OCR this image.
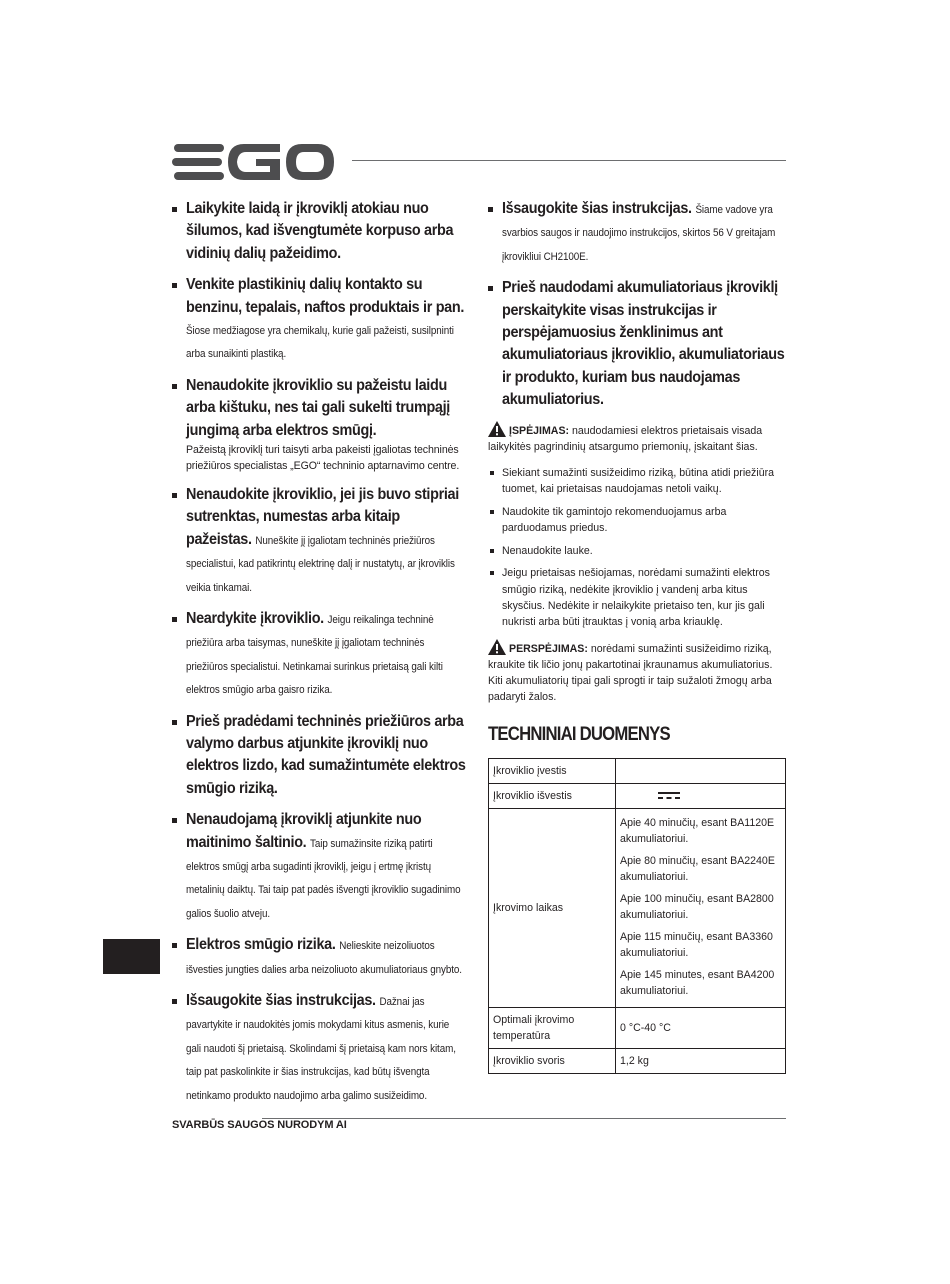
Laikykite laidą ir įkroviklį atokiau nuo šilumos, kad išvengtumėte korpuso arba vidinių dalių pažeidimo.
Venkite plastikinių dalių kontakto su benzinu, tepalais, naftos produktais ir pan. Šiose medžiagose yra chemikalų, kurie gali pažeisti, susilpninti arba sunaikinti plastiką.
Nenaudokite įkroviklio su pažeistu laidu arba kištuku, nes tai gali sukelti trumpąjį jungimą arba elektros smūgį.
Pažeistą įkroviklį turi taisyti arba pakeisti įgaliotas techninės priežiūros specialistas „EGO“ techninio aptarnavimo centre.
Nenaudokite įkroviklio, jei jis buvo stipriai sutrenktas, numestas arba kitaip pažeistas. Nuneškite jį įgaliotam techninės priežiūros specialistui, kad patikrintų elektrinę dalį ir nustatytų, ar įkroviklis veikia tinkamai.
Neardykite įkroviklio. Jeigu reikalinga techninė priežiūra arba taisymas, nuneškite jį įgaliotam techninės priežiūros specialistui. Netinkamai surinkus prietaisą gali kilti elektros smūgio arba gaisro rizika.
Prieš pradėdami techninės priežiūros arba valymo darbus atjunkite įkroviklį nuo elektros lizdo, kad sumažintumėte elektros smūgio riziką.
Nenaudojamą įkroviklį atjunkite nuo maitinimo šaltinio. Taip sumažinsite riziką patirti elektros smūgį arba sugadinti įkroviklį, jeigu į ertmę įkristų metalinių daiktų. Tai taip pat padės išvengti įkroviklio sugadinimo galios šuolio atveju.
Elektros smūgio rizika. Nelieskite neizoliuotos išvesties jungties dalies arba neizoliuoto akumuliatoriaus gnybto.
Išsaugokite šias instrukcijas. Dažnai jas pavartykite ir naudokitės jomis mokydami kitus asmenis, kurie gali naudoti šį prietaisą. Skolindami šį prietaisą kam nors kitam, taip pat paskolinkite ir šias instrukcijas, kad būtų išvengta netinkamo produkto naudojimo arba galimo susižeidimo.
SVARBŪS SAUGOS NURODYM AI
Išsaugokite šias instrukcijas. Šiame vadove yra svarbios saugos ir naudojimo instrukcijos, skirtos 56 V greitajam įkrovikliui CH2100E.
Prieš naudodami akumuliatoriaus įkroviklį perskaitykite visas instrukcijas ir perspėjamuosius ženklinimus ant akumuliatoriaus įkroviklio, akumuliatoriaus ir produkto, kuriam bus naudojamas akumuliatorius.
ĮSPĖJIMAS: naudodamiesi elektros prietaisais visada laikykitės pagrindinių atsargumo priemonių, įskaitant šias.
Siekiant sumažinti susižeidimo riziką, būtina atidi priežiūra tuomet, kai prietaisas naudojamas netoli vaikų.
Naudokite tik gamintojo rekomenduojamus arba parduodamus priedus.
Nenaudokite lauke.
Jeigu prietaisas nešiojamas, norėdami sumažinti elektros smūgio riziką, nedėkite įkroviklio į vandenį arba kitus skysčius. Nedėkite ir nelaikykite prietaiso ten, kur jis gali nukristi arba būti įtrauktas į vonią arba kriauklę.
PERSPĖJIMAS: norėdami sumažinti susižeidimo riziką, kraukite tik ličio jonų pakartotinai įkraunamus akumuliatorius. Kiti akumuliatorių tipai gali sprogti ir taip sužaloti žmogų arba padaryti žalos.
TECHNINIAI DUOMENYS
Įkroviklio įvestis	
Įkroviklio išvestis	
Įkrovimo laikas	Apie 40 minučių, esant BA1120E akumuliatoriui.
Apie 80 minučių, esant BA2240E akumuliatoriui.
Apie 100 minučių, esant BA2800 akumuliatoriui.
Apie 115 minučių, esant BA3360 akumuliatoriui.
Apie 145 minutes, esant BA4200 akumuliatoriui.

Optimali įkrovimo temperatūra	0 °C-40 °C
Įkroviklio svoris	1,2 kg
